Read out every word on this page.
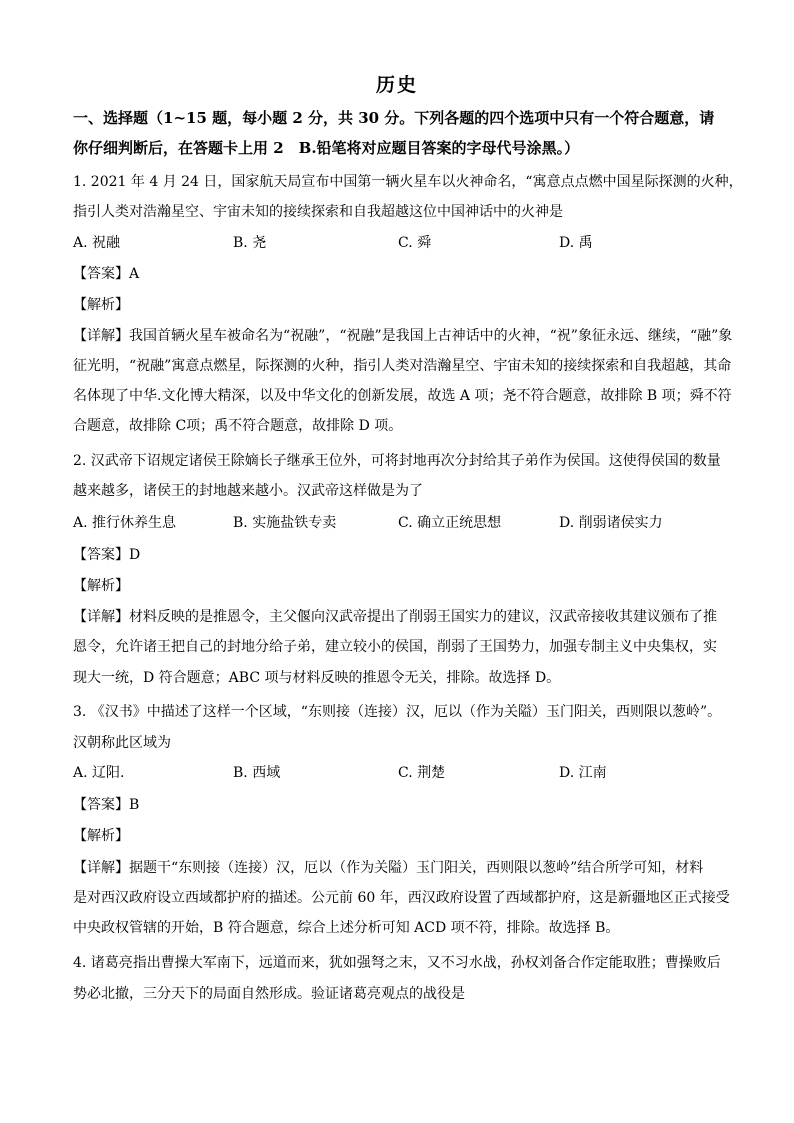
历史
一、选择题（1~15 题，每小题 2 分，共 30 分。下列各题的四个选项中只有一个符合题意，请
你仔细判断后，在答题卡上用 2　B.铅笔将对应题目答案的字母代号涂黑。）
1. 2021 年 4 月 24 日，国家航天局宣布中国第一辆火星车以火神命名，“寓意点点燃中国星际探测的火种，
指引人类对浩瀚星空、宇宙未知的接续探索和自我超越这位中国神话中的火神是
A. 祝融	B. 尧	C. 舜	D. 禹
【答案】A
【解析】
【详解】我国首辆火星车被命名为“祝融”，“祝融”是我国上古神话中的火神，“祝”象征永远、继续，“融”象
征光明，“祝融”寓意点燃星，际探测的火种，指引人类对浩瀚星空、宇宙未知的接续探索和自我超越，其命
名体现了中华.文化博大精深，以及中华文化的创新发展，故选 A 项；尧不符合题意，故排除 B 项；舜不符
合题意，故排除 C项；禹不符合题意，故排除 D 项。
2. 汉武帝下诏规定诸侯王除嫡长子继承王位外，可将封地再次分封给其子弟作为侯国。这使得侯国的数量
越来越多，诸侯王的封地越来越小。汉武帝这样做是为了
A. 推行休养生息	B. 实施盐铁专卖	C. 确立正统思想	D. 削弱诸侯实力
【答案】D
【解析】
【详解】材料反映的是推恩令，主父偃向汉武帝提出了削弱王国实力的建议，汉武帝接收其建议颁布了推
恩令，允许诸王把自己的封地分给子弟，建立较小的侯国，削弱了王国势力，加强专制主义中央集权，实
现大一统，D 符合题意；ABC 项与材料反映的推恩令无关，排除。故选择 D。
3. 《汉书》中描述了这样一个区域，“东则接（连接）汉，厄以（作为关隘）玉门阳关，西则限以葱岭”。
汉朝称此区域为
A. 辽阳.	B. 西域	C. 荆楚	D. 江南
【答案】B
【解析】
【详解】据题干“东则接（连接）汉，厄以（作为关隘）玉门阳关，西则限以葱岭”结合所学可知，材料
是对西汉政府设立西域都护府的描述。公元前 60 年，西汉政府设置了西域都护府，这是新疆地区正式接受
中央政权管辖的开始，B 符合题意，综合上述分析可知 ACD 项不符，排除。故选择 B。
4. 诸葛亮指出曹操大军南下，远道而来，犹如强弩之末，又不习水战，孙权刘备合作定能取胜；曹操败后
势必北撤，三分天下的局面自然形成。验证诸葛亮观点的战役是
